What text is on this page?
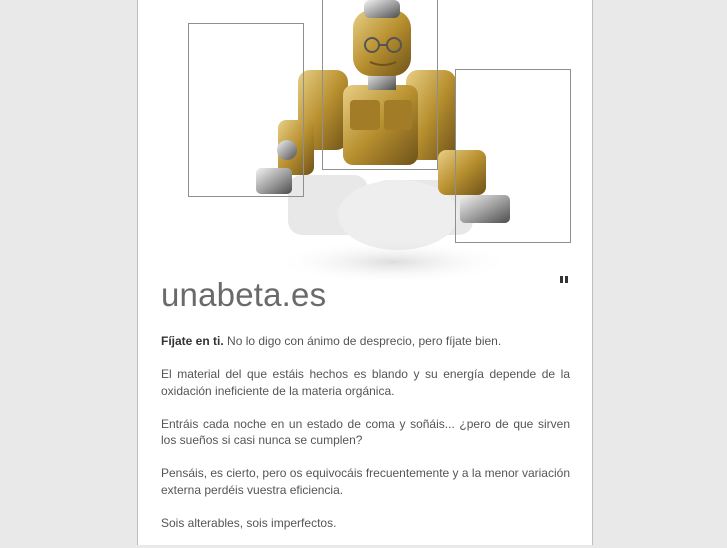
unabeta.es

Fíjate en ti. No lo digo con ánimo de desprecio, pero fíjate bien.

El material del que estáis hechos es blando y su energía depende de la oxidación ineficiente de la materia orgánica.

Entráis cada noche en un estado de coma y soñáis... ¿pero de que sirven los sueños si casi nunca se cumplen?

Pensáis, es cierto, pero os equivocáis frecuentemente y a la menor variación externa perdéis vuestra eficiencia.

Sois alterables, sois imperfectos.
